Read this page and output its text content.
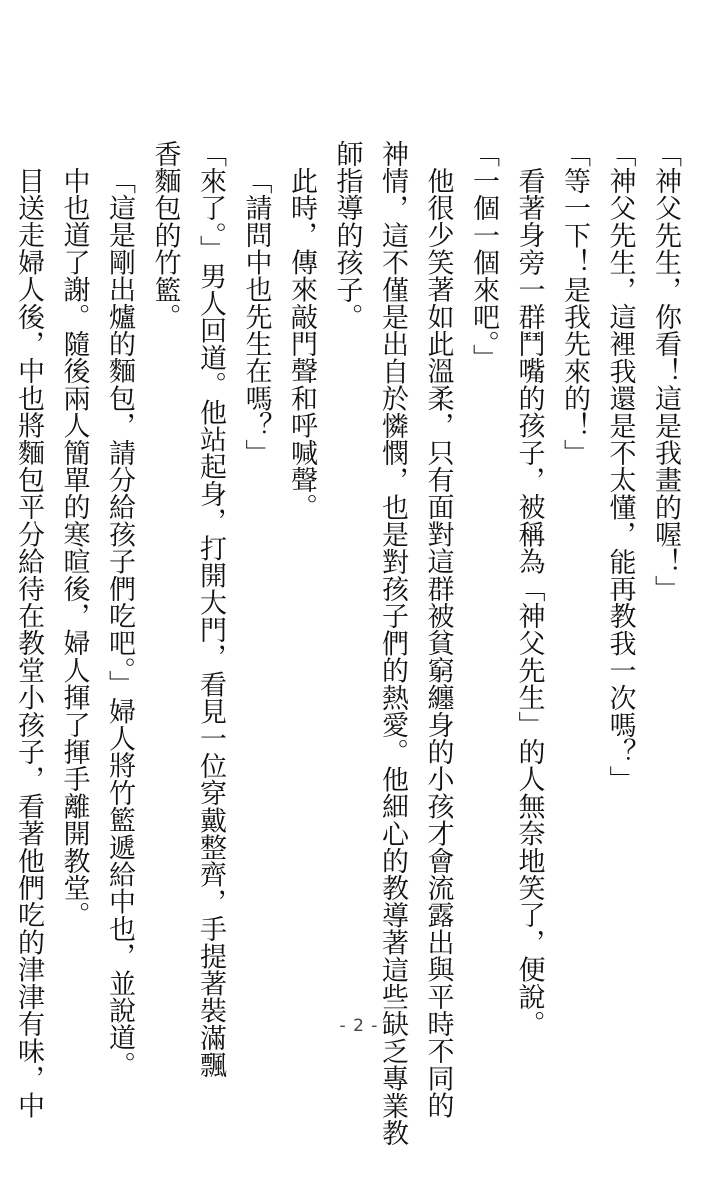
「神父先生，你看！這是我畫的喔！」

「神父先生，這裡我還是不太懂，能再教我一次嗎？」

「等一下！是我先來的！」

看著身旁一群鬥嘴的孩子，被稱為「神父先生」的人無奈地笑了，便說。

「一個一個來吧。」

他很少笑著如此溫柔，只有面對這群被貧窮纏身的小孩才會流露出與平時不同的

神情，這不僅是出自於憐憫，也是對孩子們的熱愛。他細心的教導著這些缺乏專業教

師指導的孩子。

此時，傳來敲門聲和呼喊聲。

「請問中也先生在嗎？」

「來了。」男人回道。他站起身，打開大門，看見一位穿戴整齊，手提著裝滿飄

香麵包的竹籃。

「這是剛出爐的麵包，請分給孩子們吃吧。」婦人將竹籃遞給中也，並說道。

中也道了謝。隨後兩人簡單的寒暄後，婦人揮了揮手離開教堂。

目送走婦人後，中也將麵包平分給待在教堂小孩子，看著他們吃的津津有味，中	- 2 -
